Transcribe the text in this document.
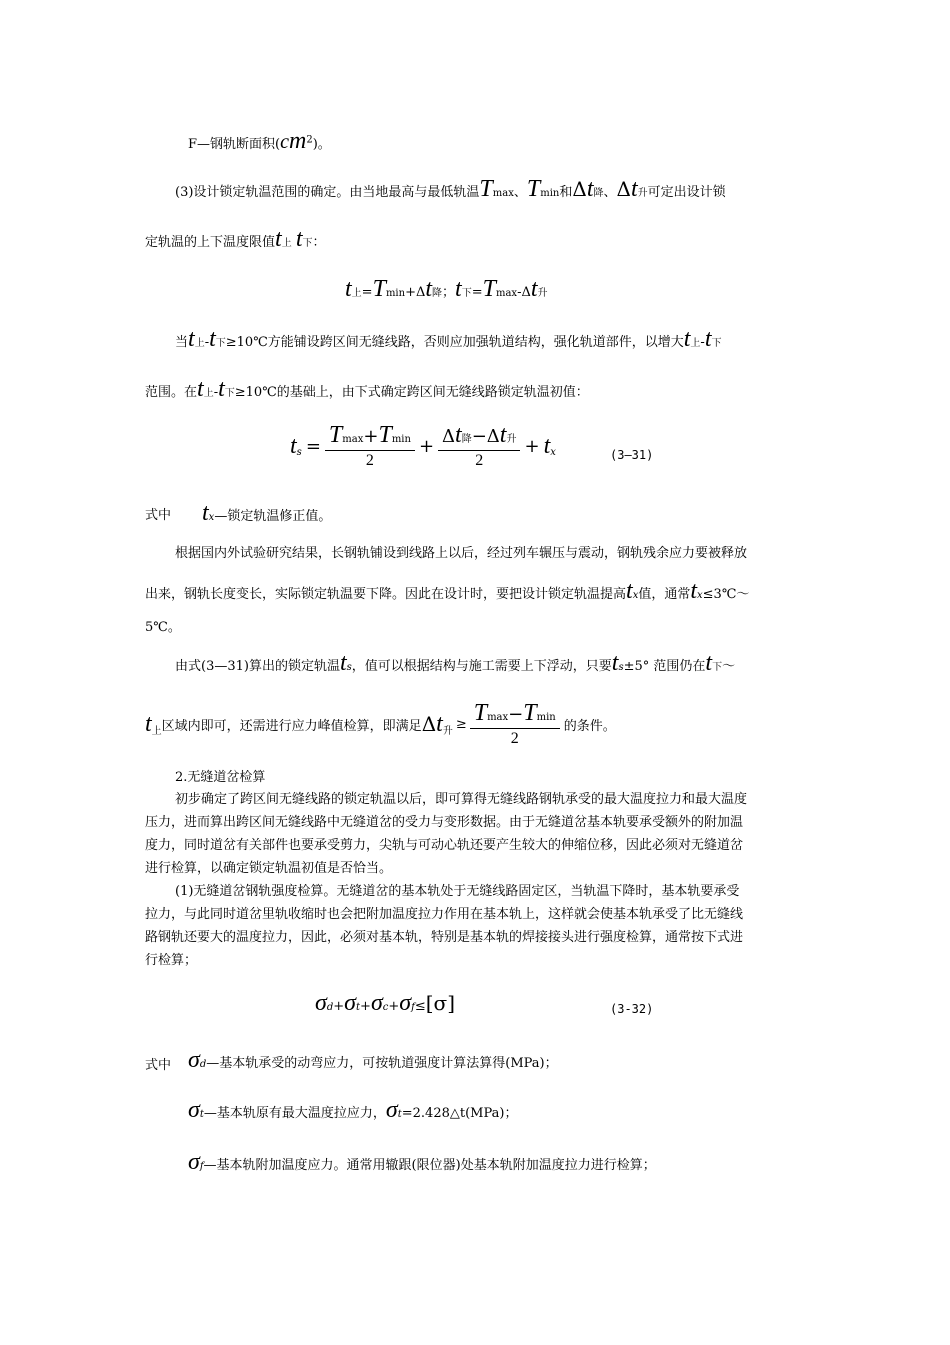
F—钢轨断面积$(cm^2)$。
(3)设计锁定轨温范围的确定。由当地最高与最低轨温Tmax、Tmin和Δt降、Δt升可定出设计锁
定轨温的上下温度限值t上 t下：
t上=Tmin+Δt降；t下=Tmax-Δt升
当t上-t下≥10℃方能铺设跨区间无缝线路，否则应加强轨道结构，强化轨道部件，以增大t上-t下
范围。在t上-t下≥10℃的基础上，由下式确定跨区间无缝线路锁定轨温初值：
t $s = \frac{Tmax+Tmin}{2} + \frac{\text{Δt降−Δt升}}{2} + t$ x	(3—31)
式中 tx—锁定轨温修正值。
根据国内外试验研究结果，长钢轨铺设到线路上以后，经过列车辗压与震动，钢轨残余应力要被释放
出来，钢轨长度变长，实际锁定轨温要下降。因此在设计时，要把设计锁定轨温提高tx值，通常tx≤3℃～
5℃。
由式(3—31)算出的锁定轨温ts，值可以根据结构与施工需要上下浮动，只要ts±5° 范围仍在t下～
t 上 区域内即可，还需进行应力峰值检算，即满足 Δ t 升 ≥ $\frac{Tmax-Tmin}{2}$ 的条件。
2.无缝道岔检算
初步确定了跨区间无缝线路的锁定轨温以后，即可算得无缝线路钢轨承受的最大温度拉力和最大温度
压力，进而算出跨区间无缝线路中无缝道岔的受力与变形数据。由于无缝道岔基本轨要承受额外的附加温
度力，同时道岔有关部件也要承受剪力，尖轨与可动心轨还要产生较大的伸缩位移，因此必须对无缝道岔
进行检算，以确定锁定轨温初值是否恰当。
(1)无缝道岔钢轨强度检算。无缝道岔的基本轨处于无缝线路固定区，当轨温下降时，基本轨要承受
拉力，与此同时道岔里轨收缩时也会把附加温度拉力作用在基本轨上，这样就会使基本轨承受了比无缝线
路钢轨还要大的温度拉力，因此，必须对基本轨，特别是基本轨的焊接接头进行强度检算，通常按下式进
行检算；
σd+σt+σc+σf≤[σ]	(3-32)
式中 σd—基本轨承受的动弯应力，可按轨道强度计算法算得(MPa)；
σt—基本轨原有最大温度拉应力，σt=2.428△t(MPa)；
σf—基本轨附加温度应力。通常用辙跟(限位器)处基本轨附加温度拉力进行检算；
